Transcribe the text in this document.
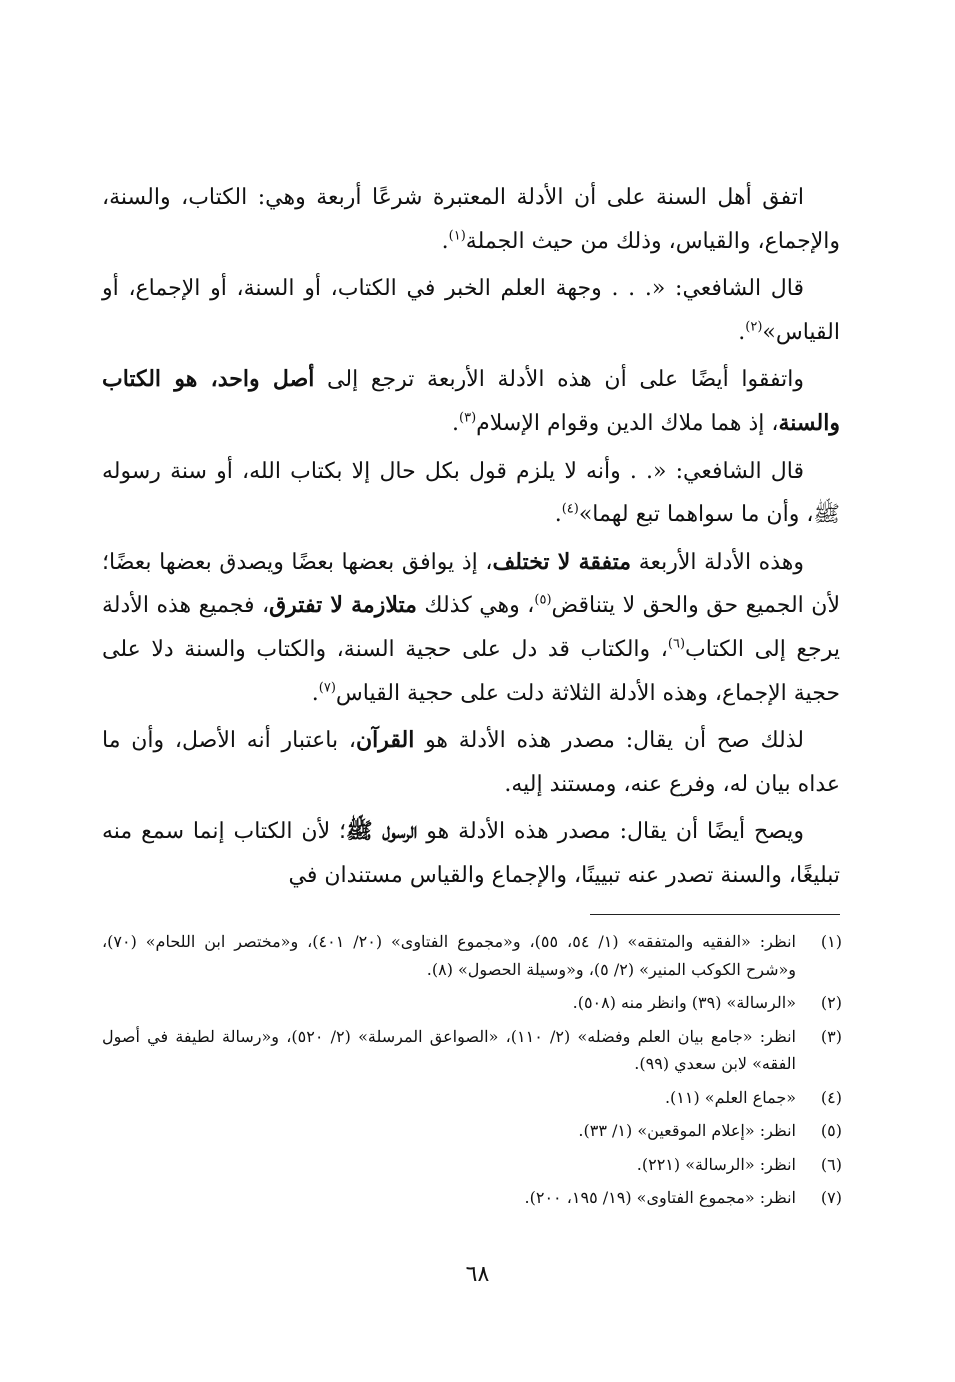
اتفق أهل السنة على أن الأدلة المعتبرة شرعًا أربعة وهي: الكتاب، والسنة، والإجماع، والقياس، وذلك من حيث الجملة$^{(١)}$.

قال الشافعي: «. . . وجهة العلم الخبر في الكتاب، أو السنة، أو الإجماع، أو القياس»$^{(٢)}$.

واتفقوا أيضًا على أن هذه الأدلة الأربعة ترجع إلى أصل واحد، هو الكتاب والسنة، إذ هما ملاك الدين وقوام الإسلام$^{(٣)}$.

قال الشافعي: «. . وأنه لا يلزم قول بكل حال إلا بكتاب الله، أو سنة رسوله ﷺ، وأن ما سواهما تبع لهما»$^{(٤)}$.

وهذه الأدلة الأربعة متفقة لا تختلف، إذ يوافق بعضها بعضًا ويصدق بعضها بعضًا؛ لأن الجميع حق والحق لا يتناقض$^{(٥)}$، وهي كذلك متلازمة لا تفترق، فجميع هذه الأدلة يرجع إلى الكتاب$^{(٦)}$، والكتاب قد دل على حجية السنة، والكتاب والسنة دلا على حجية الإجماع، وهذه الأدلة الثلاثة دلت على حجية القياس$^{(٧)}$.

لذلك صح أن يقال: مصدر هذه الأدلة هو القرآن، باعتبار أنه الأصل، وأن ما عداه بيان له، وفرع عنه، ومستند إليه.

ويصح أيضًا أن يقال: مصدر هذه الأدلة هو الرسول ﷺ؛ لأن الكتاب إنما سمع منه تبليغًا، والسنة تصدر عنه تبيينًا، والإجماع والقياس مستندان في

(١)
انظر: «الفقيه والمتفقه» (١/ ٥٤، ٥٥)، و«مجموع الفتاوى» (٢٠/ ٤٠١)، و«مختصر ابن اللحام» (٧٠)، و«شرح الكوكب المنير» (٢/ ٥)، و«وسيلة الحصول» (٨).
(٢)
«الرسالة» (٣٩) وانظر منه (٥٠٨).
(٣)
انظر: «جامع بيان العلم وفضله» (٢/ ١١٠)، «الصواعق المرسلة» (٢/ ٥٢٠)، و«رسالة لطيفة في أصول الفقه» لابن سعدي (٩٩).
(٤)
«جماع العلم» (١١).
(٥)
انظر: «إعلام الموقعين» (١/ ٣٣).
(٦)
انظر: «الرسالة» (٢٢١).
(٧)
انظر: «مجموع الفتاوى» (١٩/ ١٩٥، ٢٠٠).
٦٨
